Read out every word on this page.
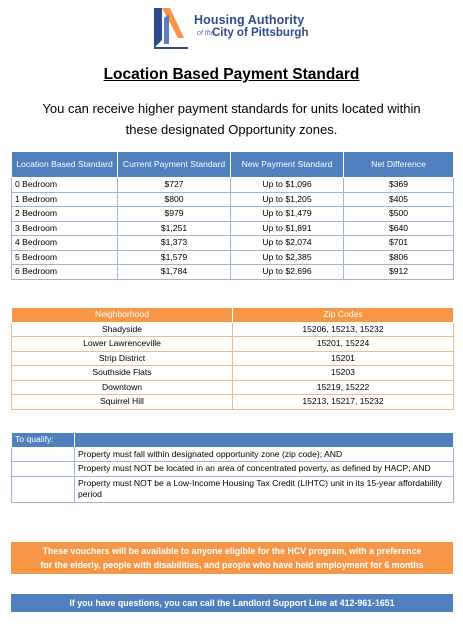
Housing Authority
of the
City of Pittsburgh
Location Based Payment Standard
You can receive higher payment standards for units located within
these designated Opportunity zones.
Location Based Standard	Current Payment Standard	New Payment Standard	Net Difference
0 Bedroom	$727	Up to $1,096	$369
1 Bedroom	$800	Up to $1,205	$405
2 Bedroom	$979	Up to $1,479	$500
3 Bedroom	$1,251	Up to $1,891	$640
4 Bedroom	$1,373	Up to $2,074	$701
5 Bedroom	$1,579	Up to $2,385	$806
6 Bedroom	$1,784	Up to $2,696	$912
Neighborhood	Zip Codes
Shadyside	15206, 15213, 15232
Lower Lawrenceville	15201, 15224
Strip District	15201
Southside Flats	15203
Downtown	15219, 15222
Squirrel Hill	15213, 15217, 15232
To qualify:	
	Property must fall within designated opportunity zone (zip code); AND
	Property must NOT be located in an area of concentrated poverty, as defined by HACP; AND
	Property must NOT be a Low-Income Housing Tax Credit (LIHTC) unit in its 15-year affordability period
These vouchers will be available to anyone eligible for the HCV program, with a preference
for the elderly, people with disabilities, and people who have held employment for 6 months
If you have questions, you can call the Landlord Support Line at 412-961-1651
